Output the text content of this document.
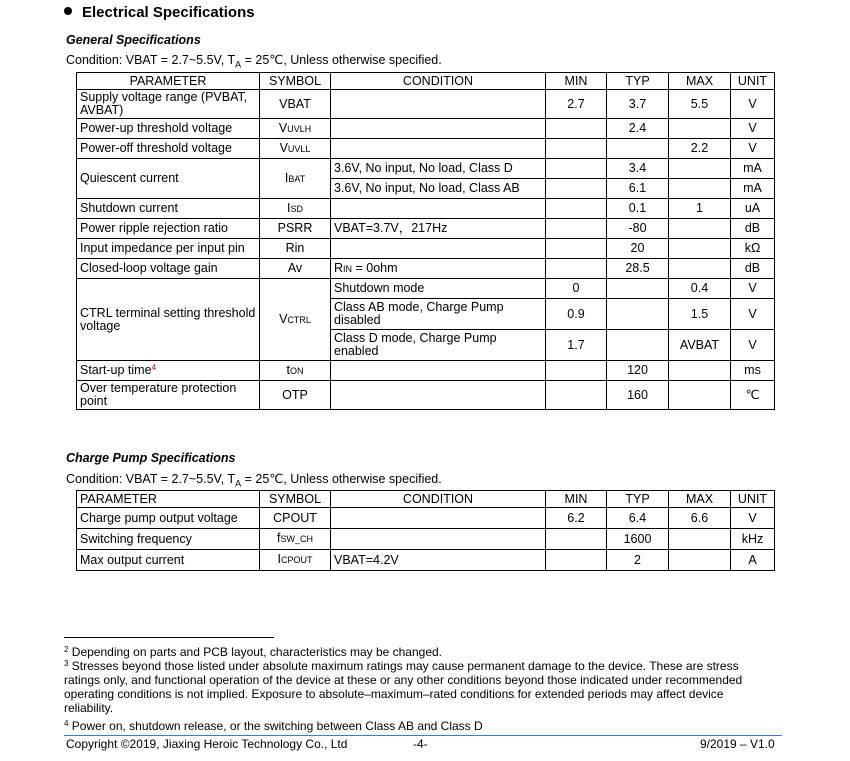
Electrical Specifications
General Specifications
Condition: VBAT = 2.7~5.5V, $T_A$ = 25℃, Unless otherwise specified.
PARAMETER	SYMBOL	CONDITION	MIN	TYP	MAX	UNIT
Supply voltage range (PVBAT, AVBAT)	VBAT		2.7	3.7	5.5	V
Power-up threshold voltage	VUVLH			2.4		V
Power-off threshold voltage	VUVLL				2.2	V
Quiescent current	IBAT	3.6V, No input, No load, Class D		3.4		mA
		3.6V, No input, No load, Class AB		6.1		mA
Shutdown current	ISD			0.1	1	uA
Power ripple rejection ratio	PSRR	VBAT=3.7V，217Hz		-80		dB
Input impedance per input pin	Rin			20		kΩ
Closed-loop voltage gain	Av	RIN = 0ohm		28.5		dB
CTRL terminal setting threshold voltage	VCTRL	Shutdown mode	0		0.4	V
		Class AB mode, Charge Pump disabled	0.9		1.5	V
		Class D mode, Charge Pump enabled	1.7		AVBAT	V
Start-up time$^4$	tON			120		ms
Over temperature protection point	OTP			160		℃
Charge Pump Specifications
Condition: VBAT = 2.7~5.5V, $T_A$ = 25℃, Unless otherwise specified.
PARAMETER	SYMBOL	CONDITION	MIN	TYP	MAX	UNIT
Charge pump output voltage	CPOUT		6.2	6.4	6.6	V
Switching frequency	fSW_CH			1600		kHz
Max output current	ICPOUT	VBAT=4.2V		2		A
$^2$ Depending on parts and PCB layout, characteristics may be changed.
$^3$ Stresses beyond those listed under absolute maximum ratings may cause permanent damage to the device. These are stress ratings only, and functional operation of the device at these or any other conditions beyond those indicated under recommended operating conditions is not implied. Exposure to absolute–maximum–rated conditions for extended periods may affect device reliability.
$^4$ Power on, shutdown release, or the switching between Class AB and Class D
Copyright ©2019, Jiaxing Heroic Technology Co., Ltd	-4-	9/2019 – V1.0
